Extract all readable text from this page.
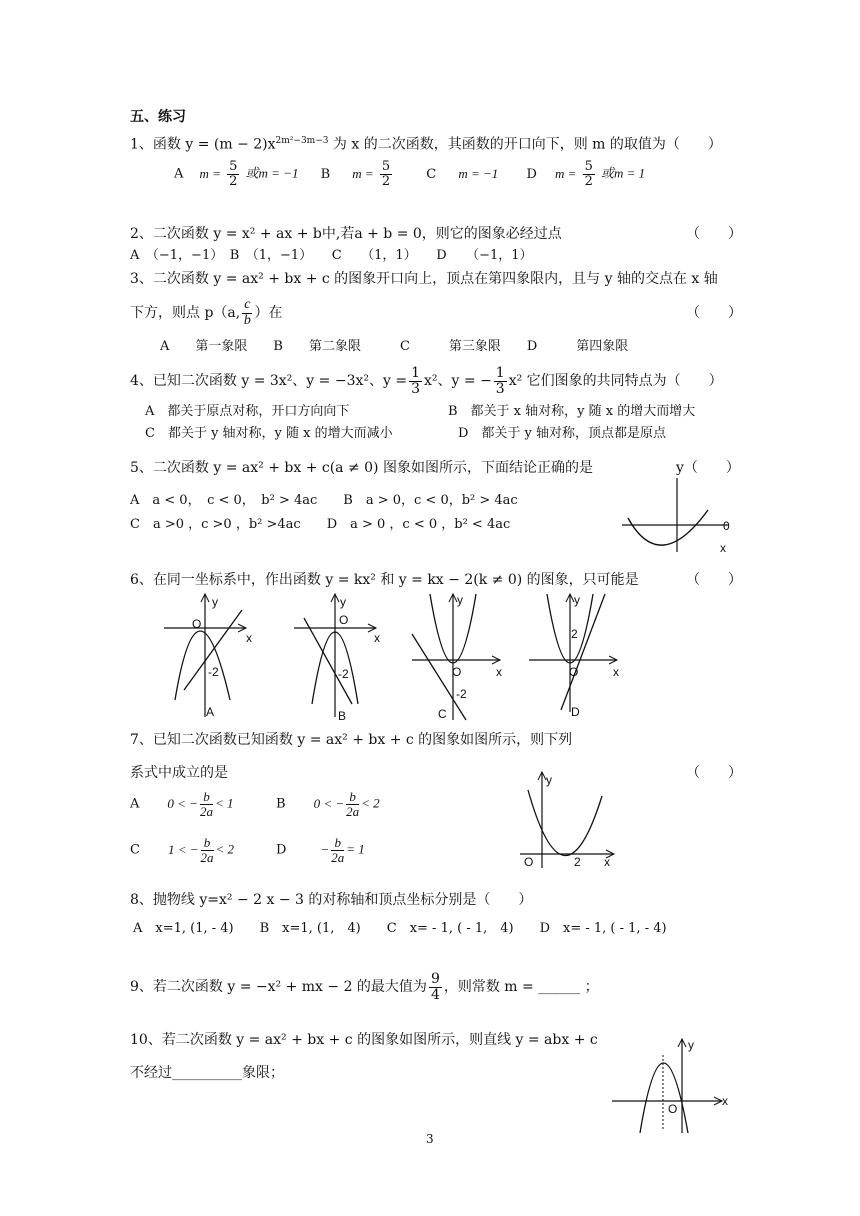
五、练习
1、函数 $y = (m - 2)x^{2m^2-3m-3}$ 为 x 的二次函数，其函数的开口向下，则 m 的取值为（　　）
A $m = \frac{5}{2}$ 或m = −1 B $m = \frac{5}{2}$	C m = −1 D $m = \frac{5}{2}$ 或m = 1
2、二次函数 y = x² + ax + b中,若a + b = 0，则它的图象必经过点	（　　）
A　（−1，−1）　B　（1，−1）　　C　　（1，1）　　D　　（−1，1）
3、二次函数 y = ax² + bx + c 的图象开口向上，顶点在第四象限内，且与 y 轴的交点在 x 轴
下方，则点 p（a, $\frac{c}{b}$ ）在	（　　）
A　　第一象限　　B　　第二象限　　　C　　　第三象限　　D　　　第四象限
4、已知二次函数 y = 3x²、y = −3x²、$y = \frac{1}{3} x^2$、y = − $\frac{1}{3} x^2$ 它们图象的共同特点为（　　）
A　都关于原点对称，开口方向向下	B　都关于 x 轴对称，y 随 x 的增大而增大
C　都关于 y 轴对称，y 随 x 的增大而减小	D　都关于 y 轴对称，顶点都是原点
5、二次函数 y = ax² + bx + c(a ≠ 0) 图象如图所示，下面结论正确的是	y（　　）
A　a < 0，　c < 0，　b² > 4ac　　B　a > 0，c < 0，b² > 4ac
C　a >0 ，c >0 ，b² >4ac　　D　a > 0 ，c < 0 ，b² < 4ac	0
x
6、在同一坐标系中，作出函数 y = kx² 和 y = kx − 2(k ≠ 0) 的图象，只可能是	（　　）
y
x
O
-2
A
y
x
O
-2
B
y
x
O
-2
C
y
x
O
2
D
7、已知二次函数已知函数 y = ax² + bx + c 的图象如图所示，则下列
系式中成立的是	（　　）
A 0 < − $\frac{b}{2a} < 1$	B 0 < − $\frac{b}{2a} < 2$
C 1 < − $\frac{b}{2a} < 2$	D	− $\frac{b}{2a} = 1$
y
x
O	2
8、抛物线 y=x² − 2 x − 3 的对称轴和顶点坐标分别是（　　）
A　x=1, (1, - 4)　　B　x=1, (1,　4)　　C　x= - 1, ( - 1,　4)　　D　x= - 1, ( - 1, - 4)
9、若二次函数 y = −x² + mx − 2 的最大值为 $\frac{9}{4}$ ，则常数 m = ______ ；
10、若二次函数 y = ax² + bx + c 的图象如图所示，则直线 y = abx + c
不经过__________象限；
y
x
O
3
